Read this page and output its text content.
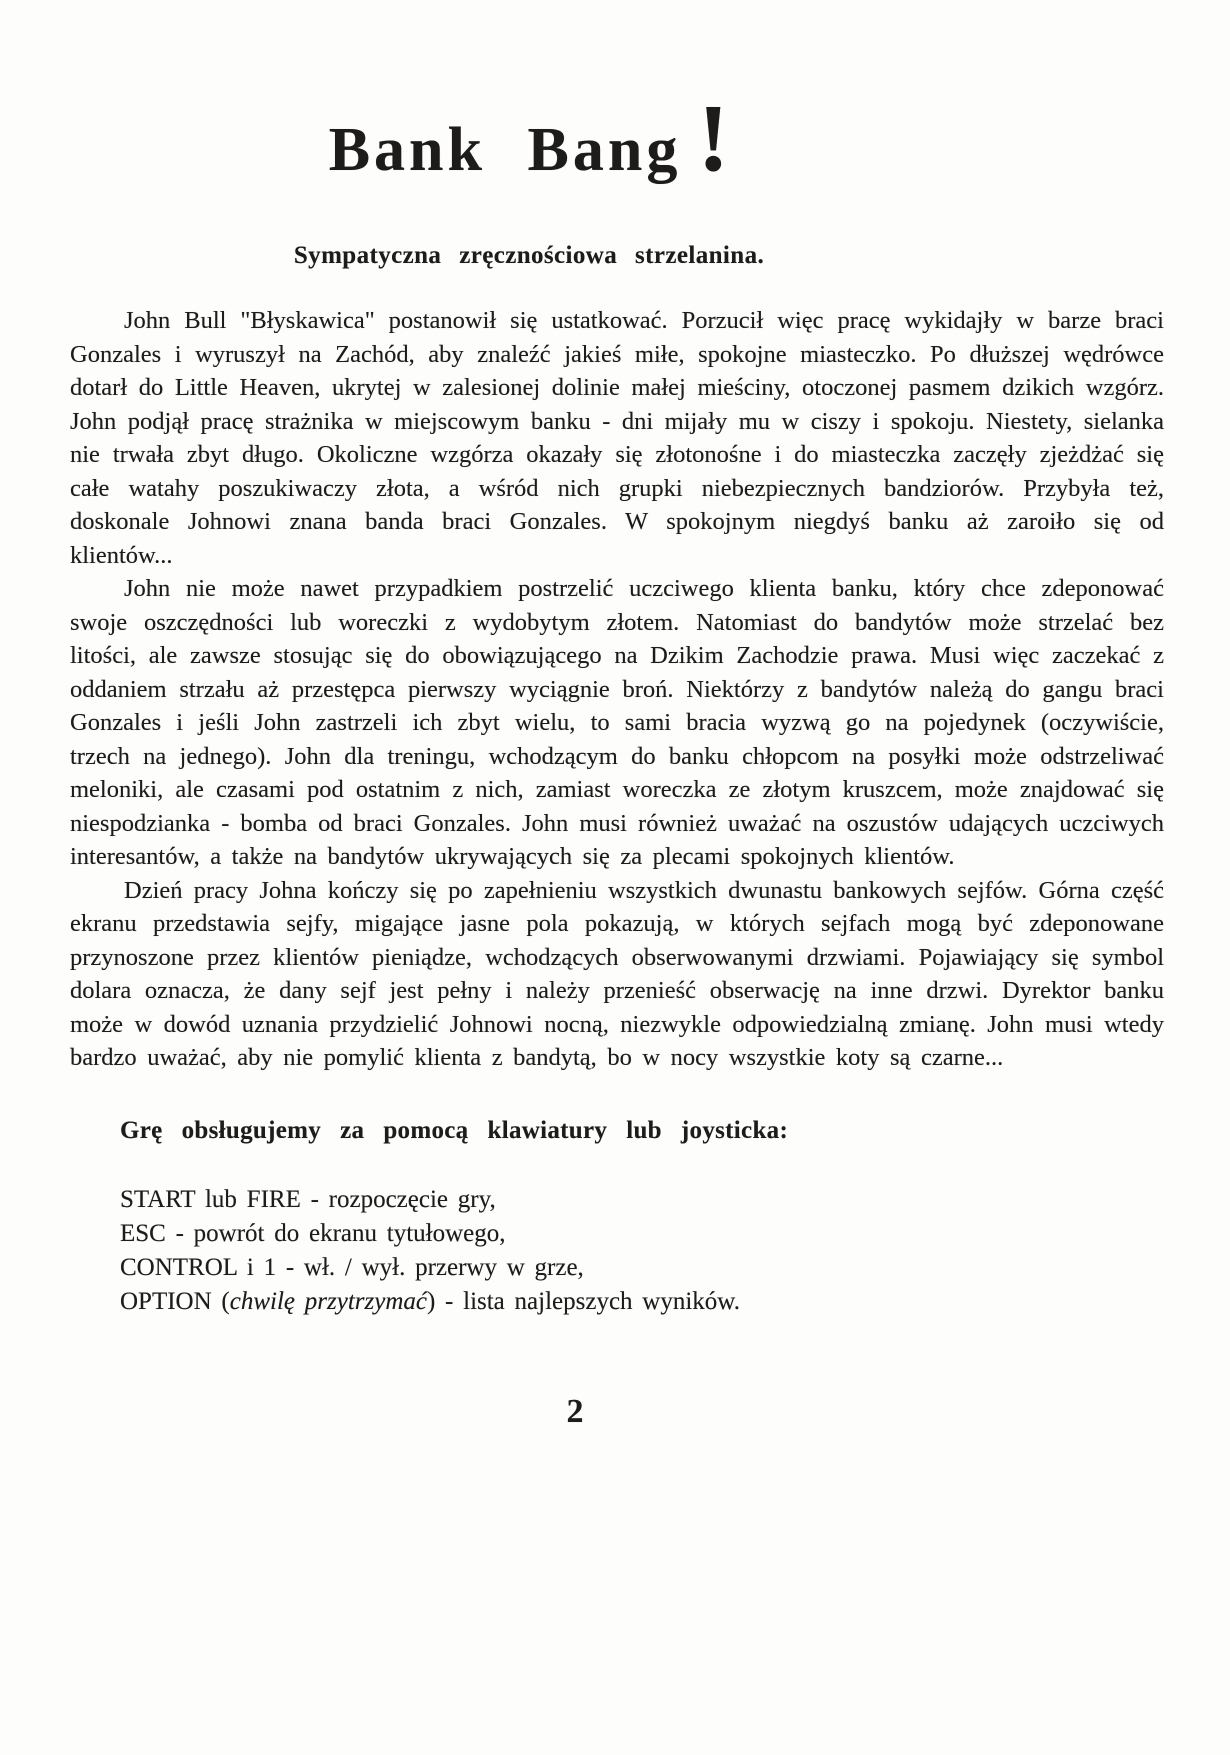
Bank Bang !
Sympatyczna zręcznościowa strzelanina.

John Bull "Błyskawica" postanowił się ustatkować. Porzucił więc pracę wykidajły w barze braci Gonzales i wyruszył na Zachód, aby znaleźć jakieś miłe, spokojne miasteczko. Po dłuższej wędrówce dotarł do Little Heaven, ukrytej w zalesionej dolinie małej mieściny, otoczonej pasmem dzikich wzgórz. John podjął pracę strażnika w miejscowym banku - dni mijały mu w ciszy i spokoju. Niestety, sielanka nie trwała zbyt długo. Okoliczne wzgórza okazały się złotonośne i do miasteczka zaczęły zjeżdżać się całe watahy poszukiwaczy złota, a wśród nich grupki niebezpiecznych bandziorów. Przybyła też, doskonale Johnowi znana banda braci Gonzales. W spokojnym niegdyś banku aż zaroiło się od klientów...

John nie może nawet przypadkiem postrzelić uczciwego klienta banku, który chce zdeponować swoje oszczędności lub woreczki z wydobytym złotem. Natomiast do bandytów może strzelać bez litości, ale zawsze stosując się do obowiązującego na Dzikim Zachodzie prawa. Musi więc zaczekać z oddaniem strzału aż przestępca pierwszy wyciągnie broń. Niektórzy z bandytów należą do gangu braci Gonzales i jeśli John zastrzeli ich zbyt wielu, to sami bracia wyzwą go na pojedynek (oczywiście, trzech na jednego). John dla treningu, wchodzącym do banku chłopcom na posyłki może odstrzeliwać meloniki, ale czasami pod ostatnim z nich, zamiast woreczka ze złotym kruszcem, może znajdować się niespodzianka - bomba od braci Gonzales. John musi również uważać na oszustów udających uczciwych interesantów, a także na bandytów ukrywających się za plecami spokojnych klientów.

Dzień pracy Johna kończy się po zapełnieniu wszystkich dwunastu bankowych sejfów. Górna część ekranu przedstawia sejfy, migające jasne pola pokazują, w których sejfach mogą być zdeponowane przynoszone przez klientów pieniądze, wchodzących obserwowanymi drzwiami. Pojawiający się symbol dolara oznacza, że dany sejf jest pełny i należy przenieść obserwację na inne drzwi. Dyrektor banku może w dowód uznania przydzielić Johnowi nocną, niezwykle odpowiedzialną zmianę. John musi wtedy bardzo uważać, aby nie pomylić klienta z bandytą, bo w nocy wszystkie koty są czarne...

Grę obsługujemy za pomocą klawiatury lub joysticka:

START lub FIRE - rozpoczęcie gry,

ESC - powrót do ekranu tytułowego,

CONTROL i 1 - wł. / wył. przerwy w grze,

OPTION (chwilę przytrzymać) - lista najlepszych wyników.

2
